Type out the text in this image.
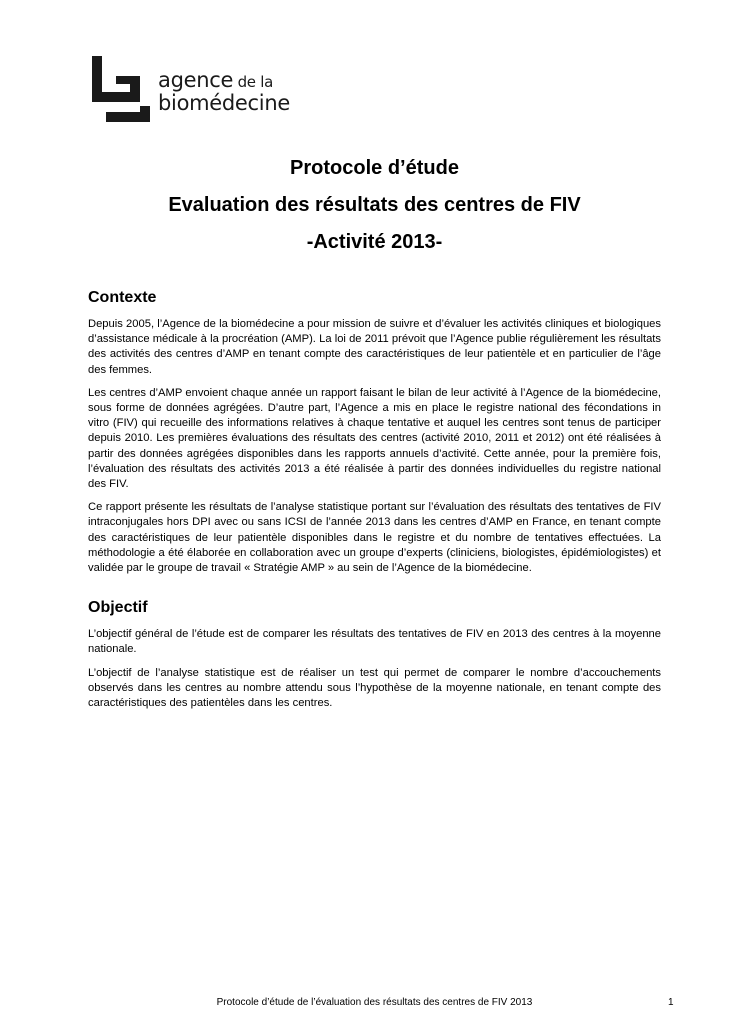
agence de la
biomédecine

Protocole d’étude

Evaluation des résultats des centres de FIV

-Activité 2013-

Contexte

Depuis 2005, l’Agence de la biomédecine a pour mission de suivre et d’évaluer les activités cliniques et biologiques d’assistance médicale à la procréation (AMP). La loi de 2011 prévoit que l’Agence publie régulièrement les résultats des activités des centres d’AMP en tenant compte des caractéristiques de leur patientèle et en particulier de l’âge des femmes.

Les centres d’AMP envoient chaque année un rapport faisant le bilan de leur activité à l’Agence de la biomédecine, sous forme de données agrégées. D’autre part, l’Agence a mis en place le registre national des fécondations in vitro (FIV) qui recueille des informations relatives à chaque tentative et auquel les centres sont tenus de participer depuis 2010. Les premières évaluations des résultats des centres (activité 2010, 2011 et 2012) ont été réalisées à partir des données agrégées disponibles dans les rapports annuels d’activité. Cette année, pour la première fois, l’évaluation des résultats des activités 2013 a été réalisée à partir des données individuelles du registre national des FIV.

Ce rapport présente les résultats de l’analyse statistique portant sur l’évaluation des résultats des tentatives de FIV intraconjugales hors DPI avec ou sans ICSI de l’année 2013 dans les centres d’AMP en France, en tenant compte des caractéristiques de leur patientèle disponibles dans le registre et du nombre de tentatives effectuées. La méthodologie a été élaborée en collaboration avec un groupe d’experts (cliniciens, biologistes, épidémiologistes) et validée par le groupe de travail « Stratégie AMP » au sein de l’Agence de la biomédecine.

Objectif

L’objectif général de l’étude est de comparer les résultats des tentatives de FIV en 2013 des centres à la moyenne nationale.

L’objectif de l’analyse statistique est de réaliser un test qui permet de comparer le nombre d’accouchements observés dans les centres au nombre attendu sous l’hypothèse de la moyenne nationale, en tenant compte des caractéristiques des patientèles dans les centres.

Protocole d’étude de l’évaluation des résultats des centres de FIV 2013	1
